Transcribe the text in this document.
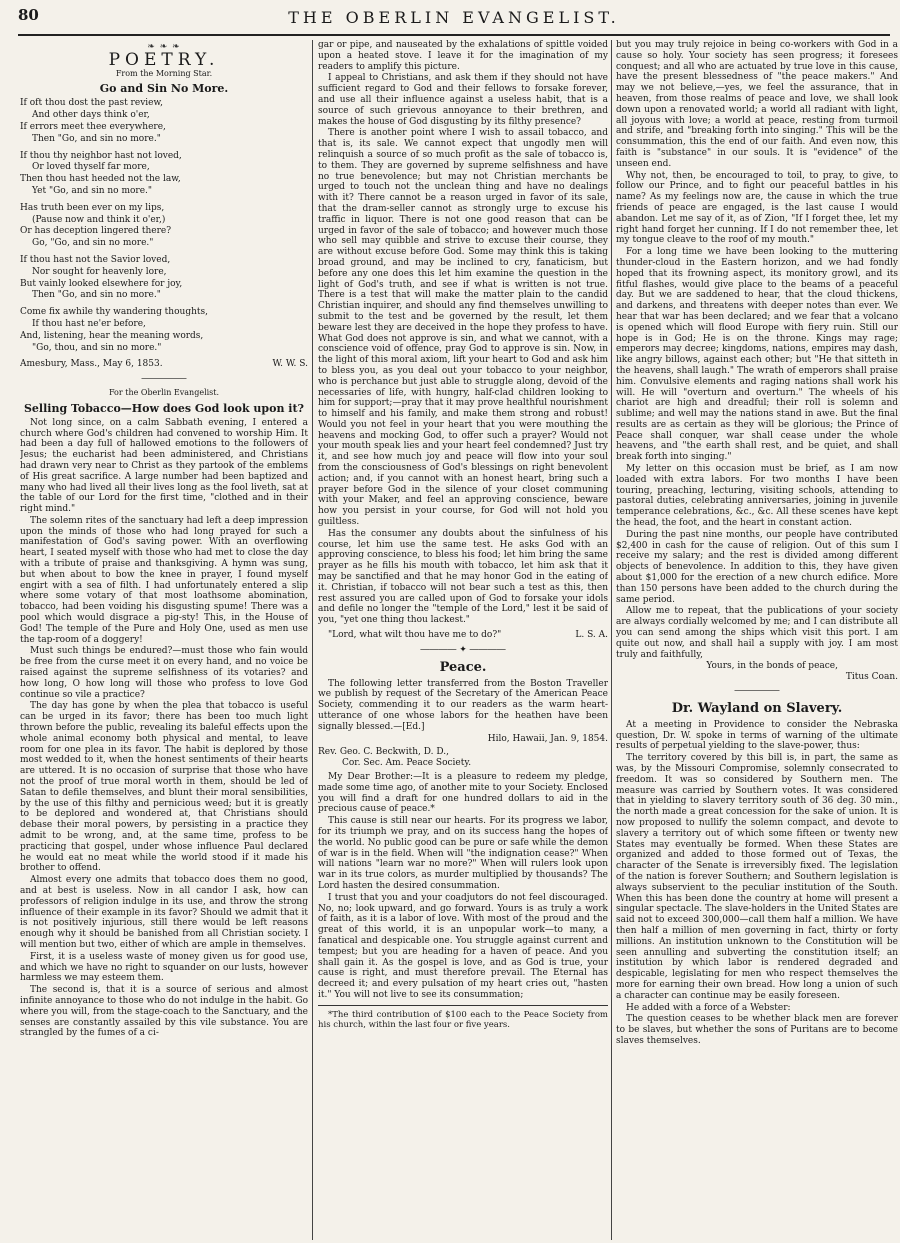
80	THE OBERLIN EVANGELIST.
❧ ❧ ❧
POETRY.
From the Morning Star.
Go and Sin No More.
If oft thou dost the past review,
And other days think o'er,
If errors meet thee everywhere,
Then "Go, and sin no more."
If thou thy neighbor hast not loved,
Or loved thyself far more,
Then thou hast heeded not the law,
Yet "Go, and sin no more."
Has truth been ever on my lips,
(Pause now and think it o'er,)
Or has deception lingered there?
Go, "Go, and sin no more."
If thou hast not the Savior loved,
Nor sought for heavenly lore,
But vainly looked elsewhere for joy,
Then "Go, and sin no more."
Come fix awhile thy wandering thoughts,
If thou hast ne'er before,
And, listening, hear the meaning words,
"Go, thou, and sin no more."
Amesbury, Mass., May 6, 1853.	W. W. S.
―――――
For the Oberlin Evangelist.
Selling Tobacco—How does God look upon it?

Not long since, on a calm Sabbath evening, I entered a church where God's children had convened to worship Him. It had been a day full of hallowed emotions to the followers of Jesus; the eucharist had been administered, and Christians had drawn very near to Christ as they partook of the emblems of His great sacrifice. A large number had been baptized and many who had lived all their lives long as the fool liveth, sat at the table of our Lord for the first time, "clothed and in their right mind."

The solemn rites of the sanctuary had left a deep impression upon the minds of those who had long prayed for such a manifestation of God's saving power. With an overflowing heart, I seated myself with those who had met to close the day with a tribute of praise and thanksgiving. A hymn was sung, but when about to bow the knee in prayer, I found myself engirt with a sea of filth. I had unfortunately entered a slip where some votary of that most loathsome abomination, tobacco, had been voiding his disgusting spume! There was a pool which would disgrace a pig-sty! This, in the House of God! The temple of the Pure and Holy One, used as men use the tap-room of a doggery!

Must such things be endured?—must those who fain would be free from the curse meet it on every hand, and no voice be raised against the supreme selfishness of its votaries? and how long, O how long will those who profess to love God continue so vile a practice?

The day has gone by when the plea that tobacco is useful can be urged in its favor; there has been too much light thrown before the public, revealing its baleful effects upon the whole animal economy both physical and mental, to leave room for one plea in its favor. The habit is deplored by those most wedded to it, when the honest sentiments of their hearts are uttered. It is no occasion of surprise that those who have not the proof of true moral worth in them, should be led of Satan to defile themselves, and blunt their moral sensibilities, by the use of this filthy and pernicious weed; but it is greatly to be deplored and wondered at, that Christians should debase their moral powers, by persisting in a practice they admit to be wrong, and, at the same time, profess to be practicing that gospel, under whose influence Paul declared he would eat no meat while the world stood if it made his brother to offend.

Almost every one admits that tobacco does them no good, and at best is useless. Now in all candor I ask, how can professors of religion indulge in its use, and throw the strong influence of their example in its favor? Should we admit that it is not positively injurious, still there would be left reasons enough why it should be banished from all Christian society. I will mention but two, either of which are ample in themselves.

First, it is a useless waste of money given us for good use, and which we have no right to squander on our lusts, however harmless we may esteem them.

The second is, that it is a source of serious and almost infinite annoyance to those who do not indulge in the habit. Go where you will, from the stage-coach to the Sanctuary, and the senses are constantly assailed by this vile substance. You are strangled by the fumes of a ci-

gar or pipe, and nauseated by the exhalations of spittle voided upon a heated stove. I leave it for the imagination of my readers to amplify this picture.

I appeal to Christians, and ask them if they should not have sufficient regard to God and their fellows to forsake forever, and use all their influence against a useless habit, that is a source of such grievous annoyance to their brethren, and makes the house of God disgusting by its filthy presence?

There is another point where I wish to assail tobacco, and that is, its sale. We cannot expect that ungodly men will relinquish a source of so much profit as the sale of tobacco is, to them. They are governed by supreme selfishness and have no true benevolence; but may not Christian merchants be urged to touch not the unclean thing and have no dealings with it? There cannot be a reason urged in favor of its sale, that the dram-seller cannot as strongly urge to excuse his traffic in liquor. There is not one good reason that can be urged in favor of the sale of tobacco; and however much those who sell may quibble and strive to excuse their course, they are without excuse before God. Some may think this is taking broad ground, and may be inclined to cry, fanaticism, but before any one does this let him examine the question in the light of God's truth, and see if what is written is not true. There is a test that will make the matter plain to the candid Christian inquirer, and should any find themselves unwilling to submit to the test and be governed by the result, let them beware lest they are deceived in the hope they profess to have. What God does not approve is sin, and what we cannot, with a conscience void of offence, pray God to approve is sin. Now, in the light of this moral axiom, lift your heart to God and ask him to bless you, as you deal out your tobacco to your neighbor, who is perchance but just able to struggle along, devoid of the necessaries of life, with hungry, half-clad children looking to him for support;—pray that it may prove healthful nourishment to himself and his family, and make them strong and robust! Would you not feel in your heart that you were mouthing the heavens and mocking God, to offer such a prayer? Would not your mouth speak lies and your heart feel condemned? Just try it, and see how much joy and peace will flow into your soul from the consciousness of God's blessings on right benevolent action; and, if you cannot with an honest heart, bring such a prayer before God in the silence of your closet communing with your Maker, and feel an approving conscience, beware how you persist in your course, for God will not hold you guiltless.

Has the consumer any doubts about the sinfulness of his course, let him use the same test. He asks God with an approving conscience, to bless his food; let him bring the same prayer as he fills his mouth with tobacco, let him ask that it may be sanctified and that he may honor God in the eating of it. Christian, if tobacco will not bear such a test as this, then rest assured you are called upon of God to forsake your idols and defile no longer the "temple of the Lord," lest it be said of you, "yet one thing thou lackest."

"Lord, what wilt thou have me to do?"	L. S. A.
―――― ✦ ――――
Peace.

The following letter transferred from the Boston Traveller we publish by request of the Secretary of the American Peace Society, commending it to our readers as the warm heart-utterance of one whose labors for the heathen have been signally blessed.—[Ed.]

Hilo, Hawaii, Jan. 9, 1854.
Rev. Geo. C. Beckwith, D. D.,
Cor. Sec. Am. Peace Society.

My Dear Brother:—It is a pleasure to redeem my pledge, made some time ago, of another mite to your Society. Enclosed you will find a draft for one hundred dollars to aid in the precious cause of peace.*

This cause is still near our hearts. For its progress we labor, for its triumph we pray, and on its success hang the hopes of the world. No public good can be pure or safe while the demon of war is in the field. When will "the indignation cease?" When will nations "learn war no more?" When will rulers look upon war in its true colors, as murder multiplied by thousands? The Lord hasten the desired consummation.

I trust that you and your coadjutors do not feel discouraged. No, no; look upward, and go forward. Yours is as truly a work of faith, as it is a labor of love. With most of the proud and the great of this world, it is an unpopular work—to many, a fanatical and despicable one. You struggle against current and tempest; but you are heading for a haven of peace. And you shall gain it. As the gospel is love, and as God is true, your cause is right, and must therefore prevail. The Eternal has decreed it; and every pulsation of my heart cries out, "hasten it." You will not live to see its consummation;

*The third contribution of $100 each to the Peace Society from his church, within the last four or five years.

but you may truly rejoice in being co-workers with God in a cause so holy. Your society has seen progress; it foresees conquest; and all who are actuated by true love in this cause, have the present blessedness of "the peace makers." And may we not believe,—yes, we feel the assurance, that in heaven, from those realms of peace and love, we shall look down upon a renovated world; a world all radiant with light, all joyous with love; a world at peace, resting from turmoil and strife, and "breaking forth into singing." This will be the consummation, this the end of our faith. And even now, this faith is "substance" in our souls. It is "evidence" of the unseen end.

Why not, then, be encouraged to toil, to pray, to give, to follow our Prince, and to fight our peaceful battles in his name? As my feelings now are, the cause in which the true friends of peace are engaged, is the last cause I would abandon. Let me say of it, as of Zion, "If I forget thee, let my right hand forget her cunning. If I do not remember thee, let my tongue cleave to the roof of my mouth."

For a long time we have been looking to the muttering thunder-cloud in the Eastern horizon, and we had fondly hoped that its frowning aspect, its monitory growl, and its fitful flashes, would give place to the beams of a peaceful day. But we are saddened to hear, that the cloud thickens, and darkens, and threatens with deeper notes than ever. We hear that war has been declared; and we fear that a volcano is opened which will flood Europe with fiery ruin. Still our hope is in God; He is on the throne. Kings may rage; emperors may decree; kingdoms, nations, empires may dash, like angry billows, against each other; but "He that sitteth in the heavens, shall laugh." The wrath of emperors shall praise him. Convulsive elements and raging nations shall work his will. He will "overturn and overturn." The wheels of his chariot are high and dreadful; their roll is solemn and sublime; and well may the nations stand in awe. But the final results are as certain as they will be glorious; the Prince of Peace shall conquer, war shall cease under the whole heavens, and "the earth shall rest, and be quiet, and shall break forth into singing."

My letter on this occasion must be brief, as I am now loaded with extra labors. For two months I have been touring, preaching, lecturing, visiting schools, attending to pastoral duties, celebrating anniversaries, joining in juvenile temperance celebrations, &c., &c. All these scenes have kept the head, the foot, and the heart in constant action.

During the past nine months, our people have contributed $2,400 in cash for the cause of religion. Out of this sum I receive my salary; and the rest is divided among different objects of benevolence. In addition to this, they have given about $1,000 for the erection of a new church edifice. More than 150 persons have been added to the church during the same period.

Allow me to repeat, that the publications of your society are always cordially welcomed by me; and I can distribute all you can send among the ships which visit this port. I am quite out now, and shall hail a supply with joy. I am most truly and faithfully,

Yours, in the bonds of peace,
Titus Coan.
―――――
Dr. Wayland on Slavery.

At a meeting in Providence to consider the Nebraska question, Dr. W. spoke in terms of warning of the ultimate results of perpetual yielding to the slave-power, thus:

The territory covered by this bill is, in part, the same as was, by the Missouri Compromise, solemnly consecrated to freedom. It was so considered by Southern men. The measure was carried by Southern votes. It was considered that in yielding to slavery territory south of 36 deg. 30 min., the north made a great concession for the sake of union. It is now proposed to nullify the solemn compact, and devote to slavery a territory out of which some fifteen or twenty new States may eventually be formed. When these States are organized and added to those formed out of Texas, the character of the Senate is irreversibly fixed. The legislation of the nation is forever Southern; and Southern legislation is always subservient to the peculiar institution of the South. When this has been done the country at home will present a singular spectacle. The slave-holders in the United States are said not to exceed 300,000—call them half a million. We have then half a million of men governing in fact, thirty or forty millions. An institution unknown to the Constitution will be seen annulling and subverting the constitution itself; an institution by which labor is rendered degraded and despicable, legislating for men who respect themselves the more for earning their own bread. How long a union of such a character can continue may be easily foreseen.

He added with a force of a Webster:

The question ceases to be whether black men are forever to be slaves, but whether the sons of Puritans are to become slaves themselves.
